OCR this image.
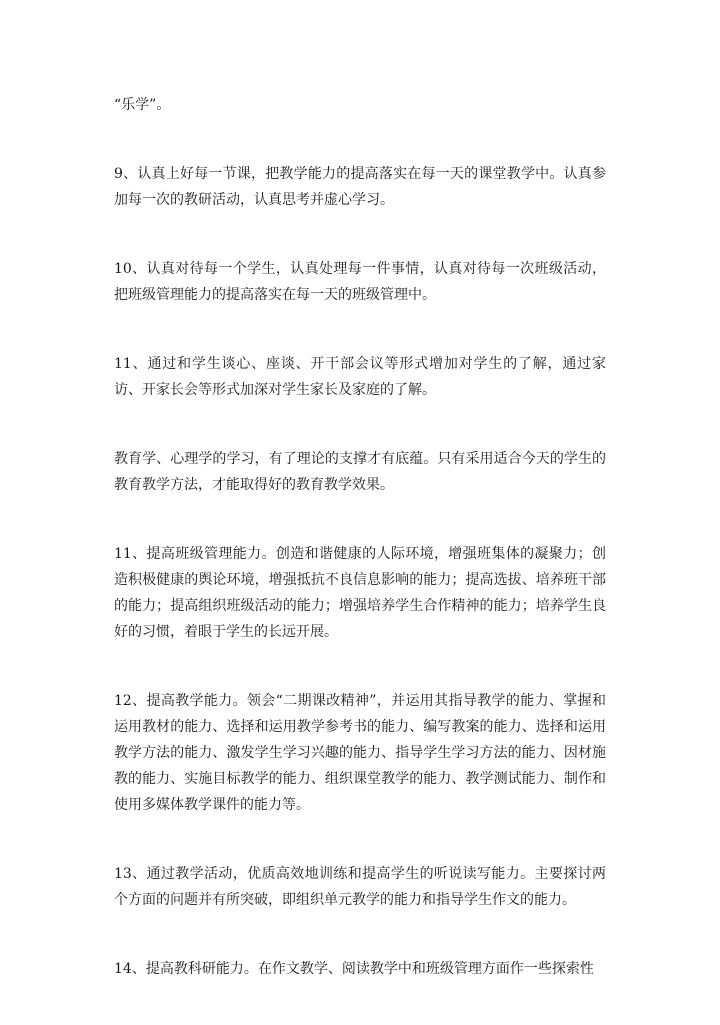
“乐学”。

9、认真上好每一节课，把教学能力的提高落实在每一天的课堂教学中。认真参加每一次的教研活动，认真思考并虚心学习。

10、认真对待每一个学生，认真处理每一件事情，认真对待每一次班级活动，把班级管理能力的提高落实在每一天的班级管理中。

11、通过和学生谈心、座谈、开干部会议等形式增加对学生的了解，通过家访、开家长会等形式加深对学生家长及家庭的了解。

教育学、心理学的学习，有了理论的支撑才有底蕴。只有采用适合今天的学生的教育教学方法，才能取得好的教育教学效果。

11、提高班级管理能力。创造和谐健康的人际环境，增强班集体的凝聚力；创造积极健康的舆论环境，增强抵抗不良信息影响的能力；提高选拔、培养班干部的能力；提高组织班级活动的能力；增强培养学生合作精神的能力；培养学生良好的习惯，着眼于学生的长远开展。

12、提高教学能力。领会“二期课改精神”，并运用其指导教学的能力、掌握和运用教材的能力、选择和运用教学参考书的能力、编写教案的能力、选择和运用教学方法的能力、激发学生学习兴趣的能力、指导学生学习方法的能力、因材施教的能力、实施目标教学的能力、组织课堂教学的能力、教学测试能力、制作和使用多媒体教学课件的能力等。

13、通过教学活动，优质高效地训练和提高学生的听说读写能力。主要探讨两个方面的问题并有所突破，即组织单元教学的能力和指导学生作文的能力。

14、提高教科研能力。在作文教学、阅读教学中和班级管理方面作一些探索性
